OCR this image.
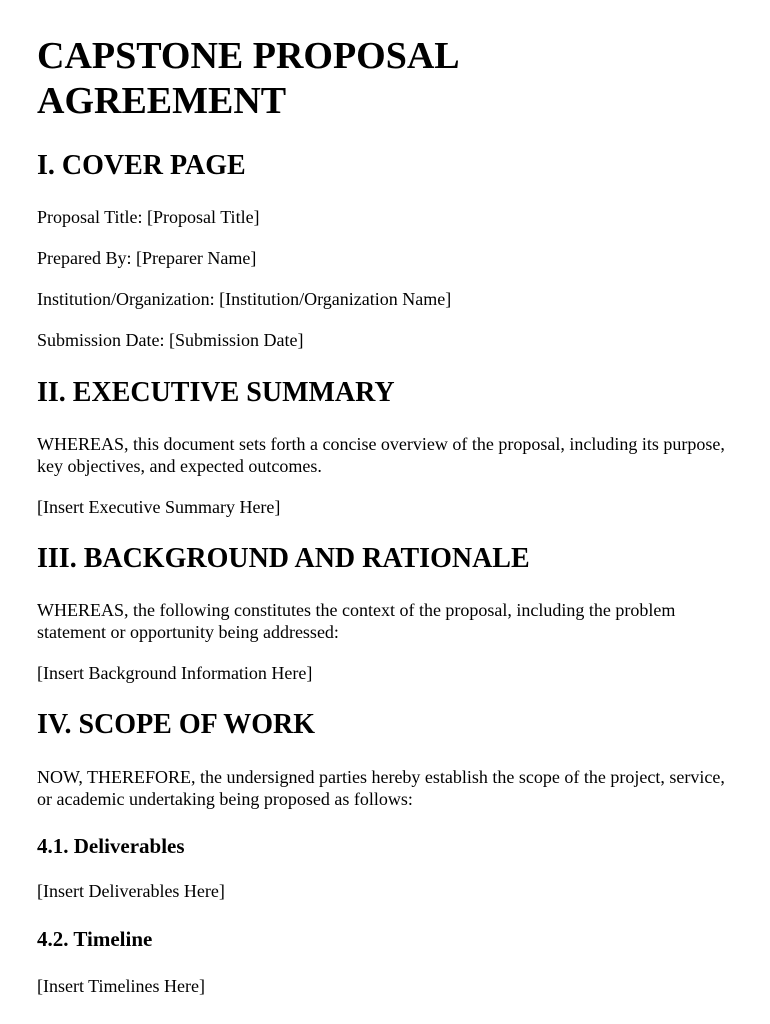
CAPSTONE PROPOSAL AGREEMENT
I. COVER PAGE

Proposal Title: [Proposal Title]

Prepared By: [Preparer Name]

Institution/Organization: [Institution/Organization Name]

Submission Date: [Submission Date]

II. EXECUTIVE SUMMARY

WHEREAS, this document sets forth a concise overview of the proposal, including its purpose, key objectives, and expected outcomes.

[Insert Executive Summary Here]

III. BACKGROUND AND RATIONALE

WHEREAS, the following constitutes the context of the proposal, including the problem statement or opportunity being addressed:

[Insert Background Information Here]

IV. SCOPE OF WORK

NOW, THEREFORE, the undersigned parties hereby establish the scope of the project, service, or academic undertaking being proposed as follows:

4.1. Deliverables

[Insert Deliverables Here]

4.2. Timeline

[Insert Timelines Here]
